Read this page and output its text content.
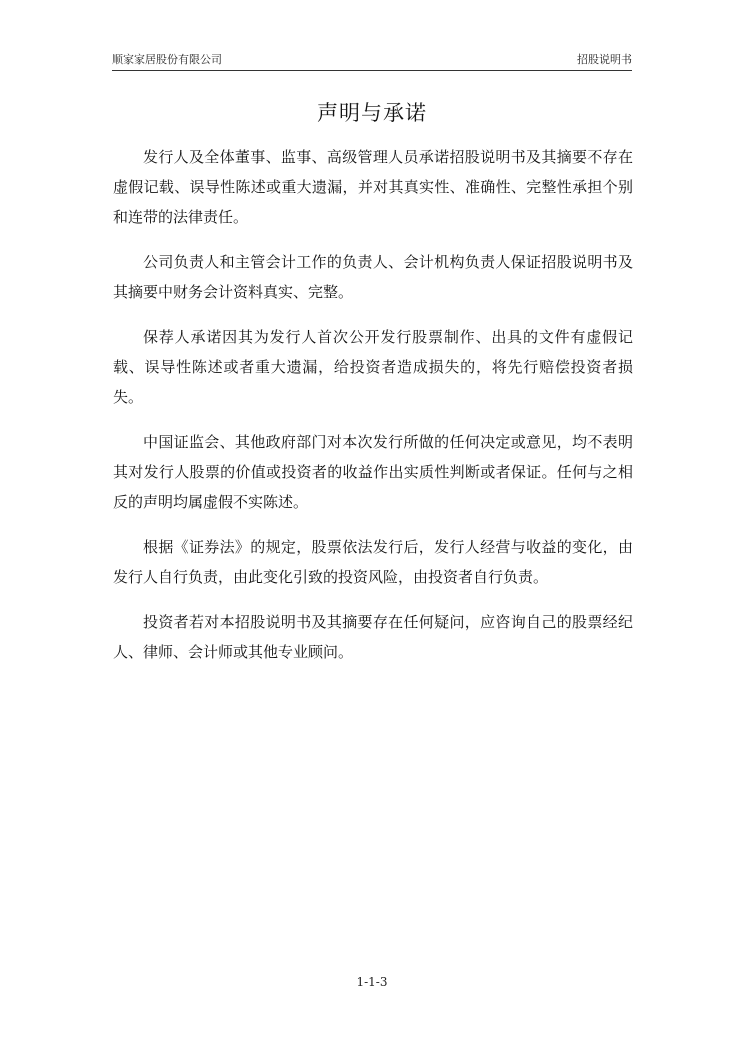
顺家家居股份有限公司	招股说明书
声明与承诺

发行人及全体董事、监事、高级管理人员承诺招股说明书及其摘要不存在虚假记载、误导性陈述或重大遗漏，并对其真实性、准确性、完整性承担个别和连带的法律责任。

公司负责人和主管会计工作的负责人、会计机构负责人保证招股说明书及其摘要中财务会计资料真实、完整。

保荐人承诺因其为发行人首次公开发行股票制作、出具的文件有虚假记载、误导性陈述或者重大遗漏，给投资者造成损失的，将先行赔偿投资者损失。

中国证监会、其他政府部门对本次发行所做的任何决定或意见，均不表明其对发行人股票的价值或投资者的收益作出实质性判断或者保证。任何与之相反的声明均属虚假不实陈述。

根据《证券法》的规定，股票依法发行后，发行人经营与收益的变化，由发行人自行负责，由此变化引致的投资风险，由投资者自行负责。

投资者若对本招股说明书及其摘要存在任何疑问，应咨询自己的股票经纪人、律师、会计师或其他专业顾问。

1-1-3
